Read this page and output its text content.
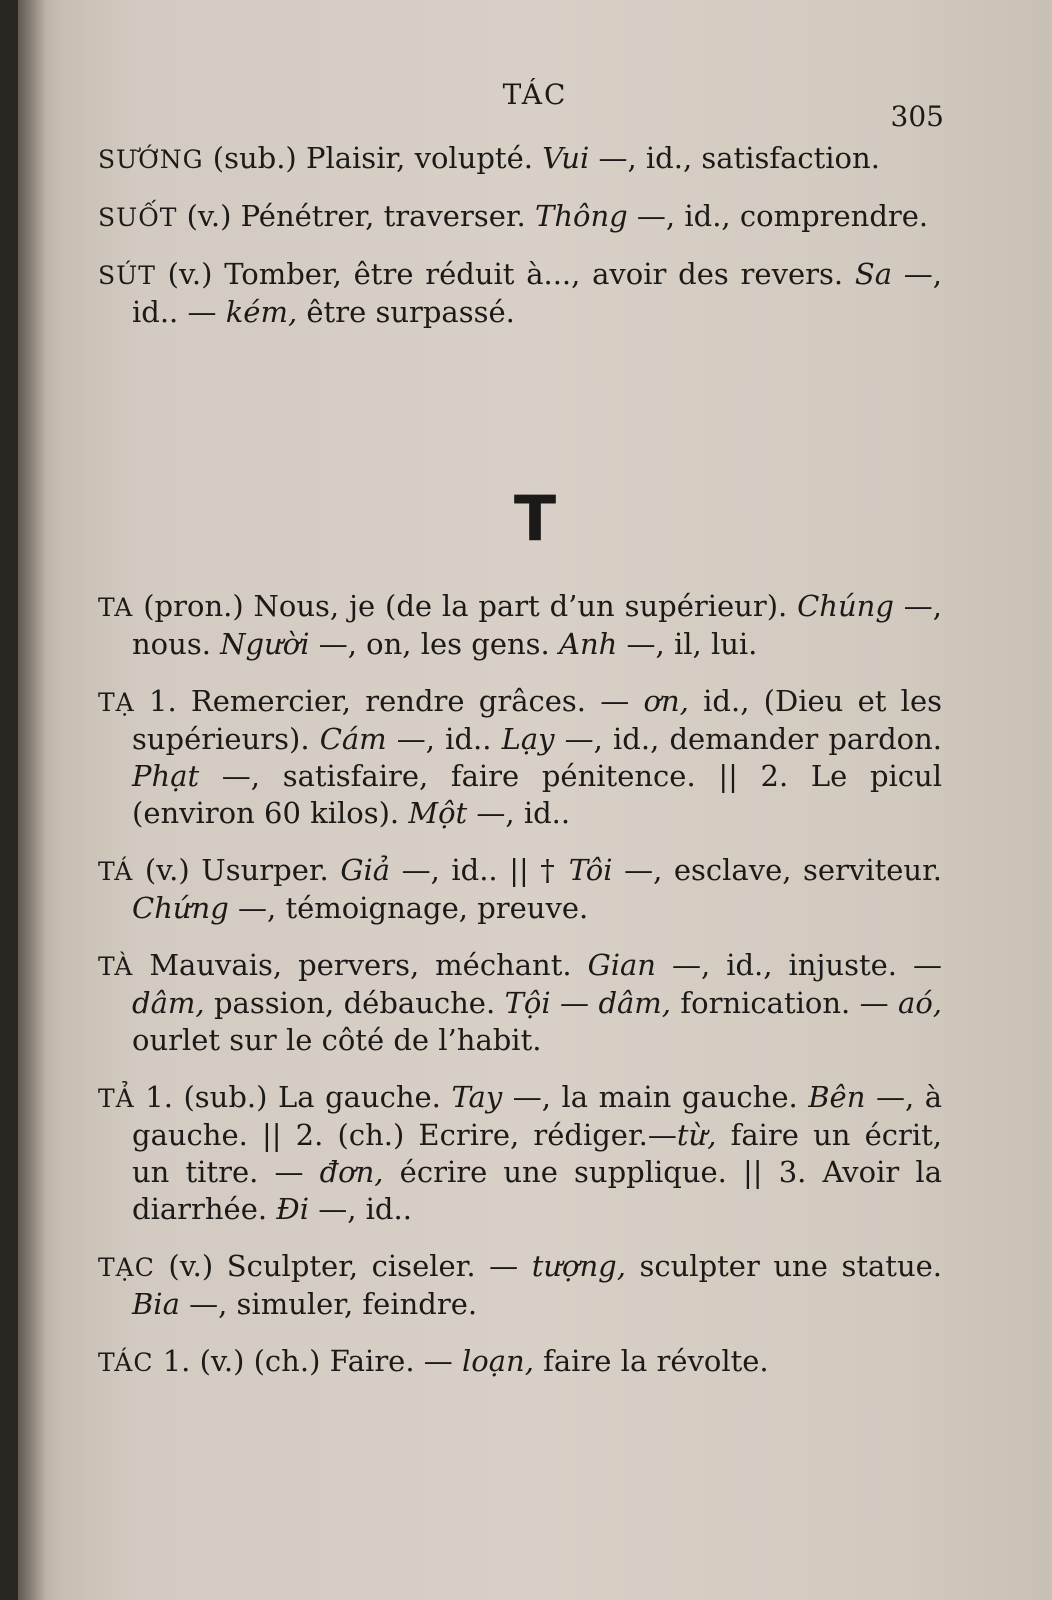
TÁC
305
SƯỚNG (sub.) Plaisir, volupté. Vui —, id., satisfaction.
SUỐT (v.) Pénétrer, traverser. Thông —, id., comprendre.
SÚT (v.) Tomber, être réduit à..., avoir des revers. Sa —, id.. — kém, être surpassé.
T
TA (pron.) Nous, je (de la part d’un supérieur). Chúng —, nous. Người —, on, les gens. Anh —, il, lui.
TẠ 1. Remercier, rendre grâces. — ơn, id., (Dieu et les supérieurs). Cám —, id.. Lạy —, id., demander pardon. Phạt —, satisfaire, faire pénitence. || 2. Le picul (environ 60 kilos). Một —, id..
TÁ (v.) Usurper. Giả —, id.. || † Tôi —, esclave, serviteur. Chứng —, témoignage, preuve.
TÀ Mauvais, pervers, méchant. Gian —, id., injuste. — dâm, passion, débauche. Tội — dâm, fornication. — aó, ourlet sur le côté de l’habit.
TẢ 1. (sub.) La gauche. Tay —, la main gauche. Bên —, à gauche. || 2. (ch.) Ecrire, rédiger.—từ, faire un écrit, un titre. — đơn, écrire une supplique. || 3. Avoir la diarrhée. Đi —, id..
TẠC (v.) Sculpter, ciseler. — tượng, sculpter une statue. Bia —, simuler, feindre.
TÁC 1. (v.) (ch.) Faire. — loạn, faire la révolte.
